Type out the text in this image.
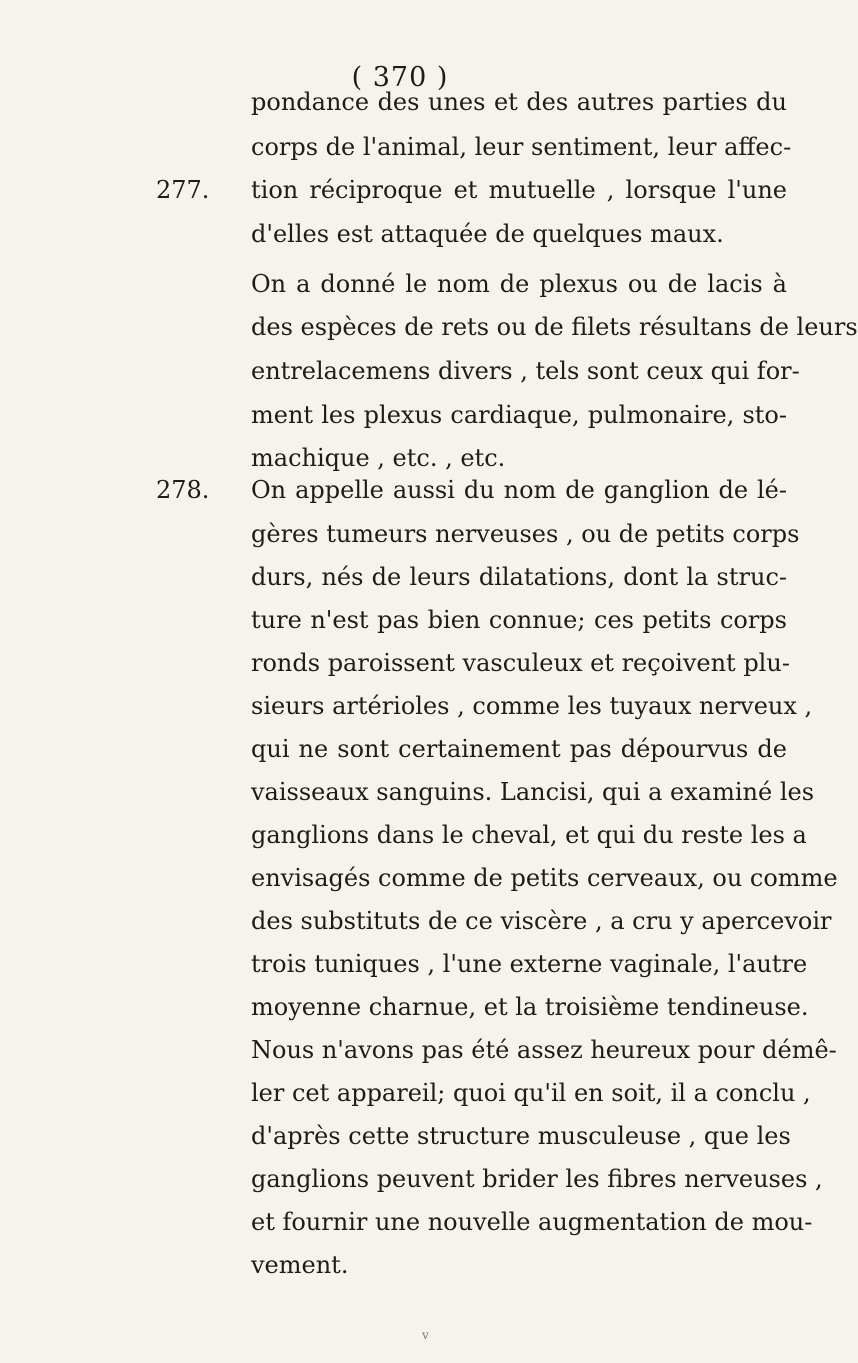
( 370 )
277.
278.
pondance des unes et des autres parties du
corps de l'animal, leur sentiment, leur affec-
tion réciproque et mutuelle , lorsque l'une
d'elles est attaquée de quelques maux.
On a donné le nom de plexus ou de lacis à
des espèces de rets ou de filets résultans de leurs
entrelacemens divers , tels sont ceux qui for-
ment les plexus cardiaque, pulmonaire, sto-
machique , etc. , etc.
On appelle aussi du nom de ganglion de lé-
gères tumeurs nerveuses , ou de petits corps
durs, nés de leurs dilatations, dont la struc-
ture n'est pas bien connue; ces petits corps
ronds paroissent vasculeux et reçoivent plu-
sieurs artérioles , comme les tuyaux nerveux ,
qui ne sont certainement pas dépourvus de
vaisseaux sanguins. Lancisi, qui a examiné les
ganglions dans le cheval, et qui du reste les a
envisagés comme de petits cerveaux, ou comme
des substituts de ce viscère , a cru y apercevoir
trois tuniques , l'une externe vaginale, l'autre
moyenne charnue, et la troisième tendineuse.
Nous n'avons pas été assez heureux pour démê-
ler cet appareil; quoi qu'il en soit, il a conclu ,
d'après cette structure musculeuse , que les
ganglions peuvent brider les fibres nerveuses ,
et fournir une nouvelle augmentation de mou-
vement.
v
